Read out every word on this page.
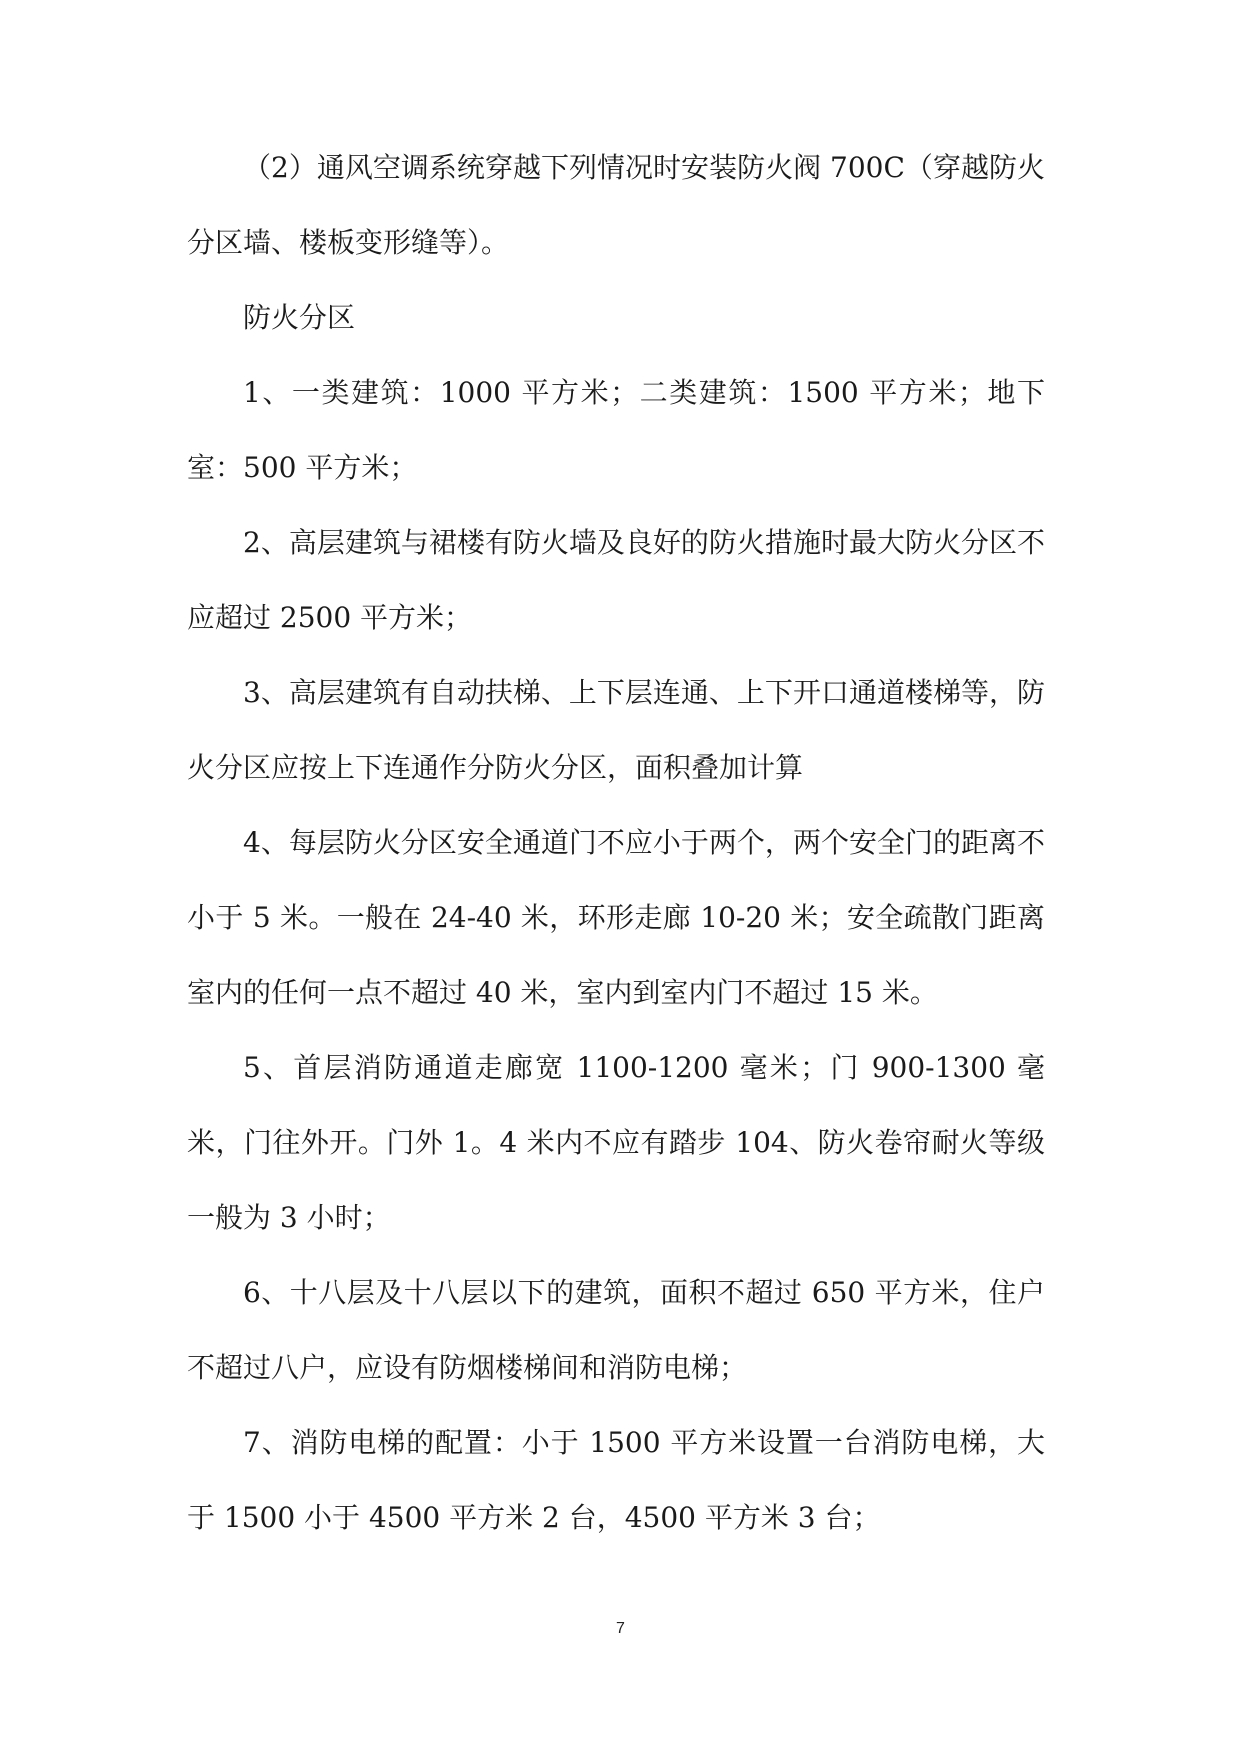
（2）通风空调系统穿越下列情况时安装防火阀 700C（穿越防火分区墙、楼板变形缝等）。

防火分区

1、一类建筑：1000 平方米；二类建筑：1500 平方米；地下室：500 平方米；

2、高层建筑与裙楼有防火墙及良好的防火措施时最大防火分区不应超过 2500 平方米；

3、高层建筑有自动扶梯、上下层连通、上下开口通道楼梯等，防火分区应按上下连通作分防火分区，面积叠加计算

4、每层防火分区安全通道门不应小于两个，两个安全门的距离不小于 5 米。一般在 24-40 米，环形走廊 10-20 米；安全疏散门距离室内的任何一点不超过 40 米，室内到室内门不超过 15 米。

5、首层消防通道走廊宽 1100-1200 毫米；门 900-1300 毫米，门往外开。门外 1。4 米内不应有踏步 104、防火卷帘耐火等级一般为 3 小时；

6、十八层及十八层以下的建筑，面积不超过 650 平方米，住户不超过八户，应设有防烟楼梯间和消防电梯；

7、消防电梯的配置：小于 1500 平方米设置一台消防电梯，大于 1500 小于 4500 平方米 2 台，4500 平方米 3 台；

7
